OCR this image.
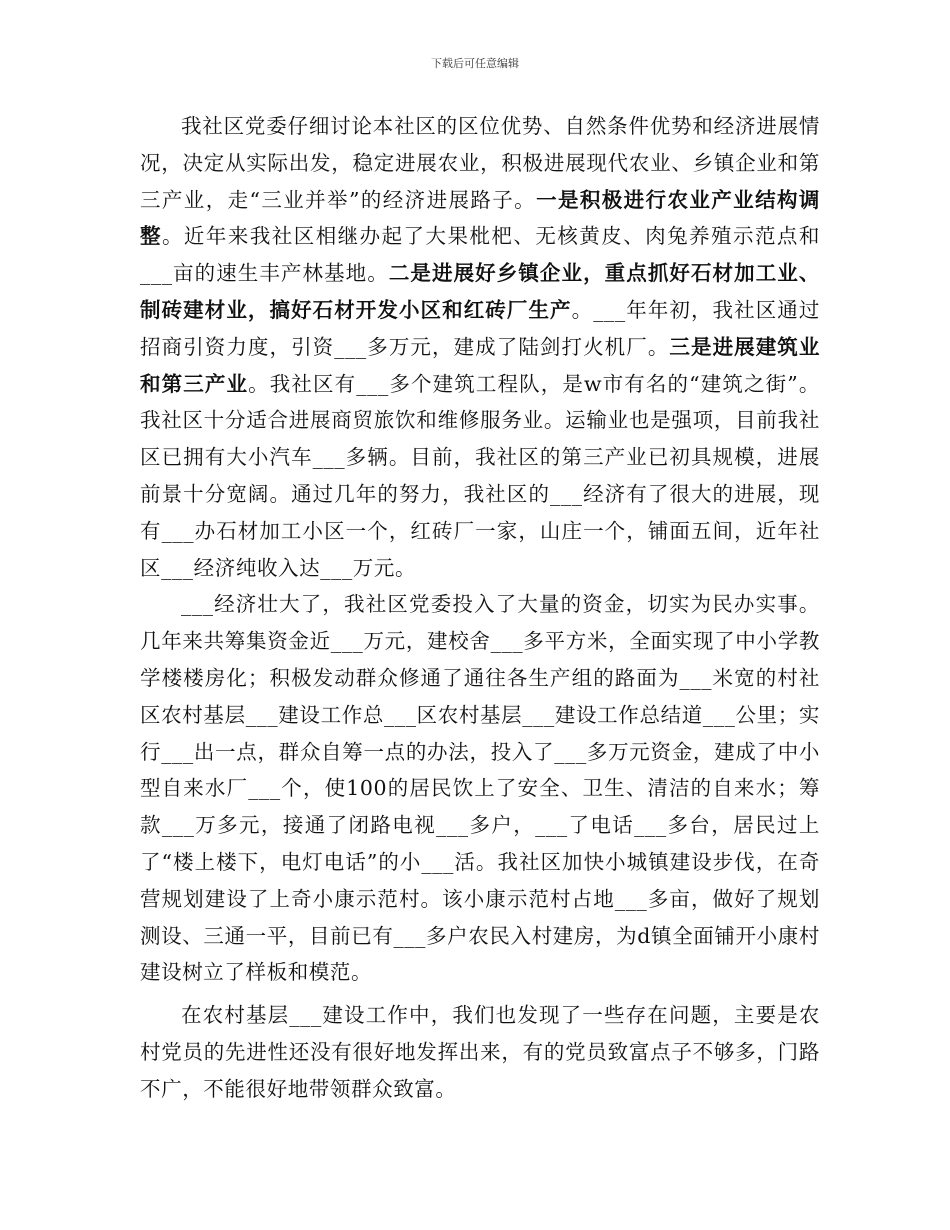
下载后可任意编辑

我社区党委仔细讨论本社区的区位优势、自然条件优势和经济进展情况，决定从实际出发，稳定进展农业，积极进展现代农业、乡镇企业和第三产业，走“三业并举”的经济进展路子。一是积极进行农业产业结构调整。近年来我社区相继办起了大果枇杷、无核黄皮、肉兔养殖示范点和___亩的速生丰产林基地。二是进展好乡镇企业，重点抓好石材加工业、制砖建材业，搞好石材开发小区和红砖厂生产。___年年初，我社区通过招商引资力度，引资___多万元，建成了陆剑打火机厂。三是进展建筑业和第三产业。我社区有___多个建筑工程队，是w市有名的“建筑之街”。我社区十分适合进展商贸旅饮和维修服务业。运输业也是强项，目前我社区已拥有大小汽车___多辆。目前，我社区的第三产业已初具规模，进展前景十分宽阔。通过几年的努力，我社区的___经济有了很大的进展，现有___办石材加工小区一个，红砖厂一家，山庄一个，铺面五间，近年社区___经济纯收入达___万元。

___经济壮大了，我社区党委投入了大量的资金，切实为民办实事。几年来共筹集资金近___万元，建校舍___多平方米，全面实现了中小学教学楼楼房化；积极发动群众修通了通往各生产组的路面为___米宽的村社区农村基层___建设工作总___区农村基层___建设工作总结道___公里；实行___出一点，群众自筹一点的办法，投入了___多万元资金，建成了中小型自来水厂___个，使100的居民饮上了安全、卫生、清洁的自来水；筹款___万多元，接通了闭路电视___多户，___了电话___多台，居民过上了“楼上楼下，电灯电话”的小___活。我社区加快小城镇建设步伐，在奇营规划建设了上奇小康示范村。该小康示范村占地___多亩，做好了规划测设、三通一平，目前已有___多户农民入村建房，为d镇全面铺开小康村建设树立了样板和模范。

在农村基层___建设工作中，我们也发现了一些存在问题，主要是农村党员的先进性还没有很好地发挥出来，有的党员致富点子不够多，门路不广，不能很好地带领群众致富。
